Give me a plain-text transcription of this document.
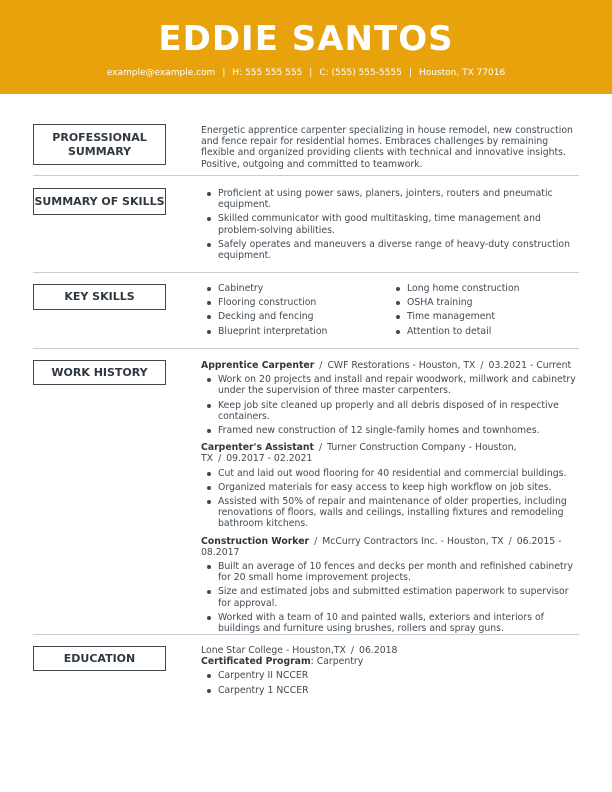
EDDIE SANTOS
example@example.com | H: 555 555 555 | C: (555) 555-5555 | Houston, TX 77016
PROFESSIONAL
SUMMARY

Energetic apprentice carpenter specializing in house remodel, new construction and fence repair for residential homes. Embraces challenges by remaining flexible and organized providing clients with technical and innovative insights. Positive, outgoing and committed to teamwork.

SUMMARY OF SKILLS
Proficient at using power saws, planers, jointers, routers and pneumatic equipment.
Skilled communicator with good multitasking, time management and problem-solving abilities.
Safely operates and maneuvers a diverse range of heavy-duty construction equipment.
KEY SKILLS
Cabinetry
Flooring construction
Decking and fencing
Blueprint interpretation
Long home construction
OSHA training
Time management
Attention to detail
WORK HISTORY	Apprentice Carpenter / CWF Restorations - Houston, TX / 03.2021 - Current
Work on 20 projects and install and repair woodwork, millwork and cabinetry under the supervision of three master carpenters.
Keep job site cleaned up properly and all debris disposed of in respective containers.
Framed new construction of 12 single-family homes and townhomes.
Carpenter's Assistant / Turner Construction Company - Houston, TX / 09.2017 - 02.2021
Cut and laid out wood flooring for 40 residential and commercial buildings.
Organized materials for easy access to keep high workflow on job sites.
Assisted with 50% of repair and maintenance of older properties, including renovations of floors, walls and ceilings, installing fixtures and remodeling bathroom kitchens.
Construction Worker / McCurry Contractors Inc. - Houston, TX / 06.2015 - 08.2017
Built an average of 10 fences and decks per month and refinished cabinetry for 20 small home improvement projects.
Size and estimated jobs and submitted estimation paperwork to supervisor for approval.
Worked with a team of 10 and painted walls, exteriors and interiors of buildings and furniture using brushes, rollers and spray guns.
EDUCATION
Lone Star College - Houston,TX / 06.2018
Certificated Program: Carpentry
Carpentry II NCCER
Carpentry 1 NCCER
